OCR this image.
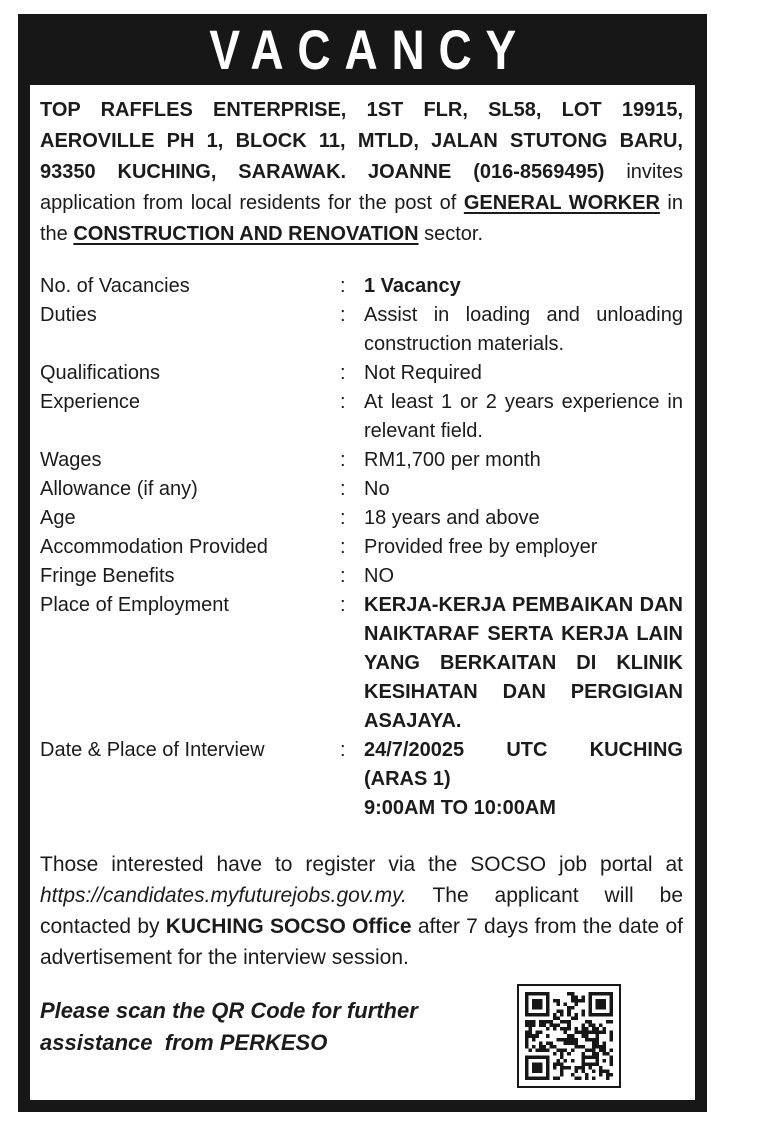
VACANCY

TOP RAFFLES ENTERPRISE, 1ST FLR, SL58, LOT 19915, AEROVILLE PH 1, BLOCK 11, MTLD, JALAN STUTONG BARU, 93350 KUCHING, SARAWAK. JOANNE (016-8569495) invites application from local residents for the post of GENERAL WORKER in the CONSTRUCTION AND RENOVATION sector.

No. of Vacancies	: 1 Vacancy
Duties	: Assist in loading and unloading construction materials.
Qualifications	: Not Required
Experience	: At least 1 or 2 years experience in relevant field.
Wages	: RM1,700 per month
Allowance (if any)	: No
Age	: 18 years and above
Accommodation Provided	: Provided free by employer
Fringe Benefits	: NO
Place of Employment	: KERJA-KERJA PEMBAIKAN DAN NAIKTARAF SERTA KERJA LAIN YANG BERKAITAN DI KLINIK KESIHATAN DAN PERGIGIAN ASAJAYA.
Date & Place of Interview	: 24/7/20025 UTC KUCHING
(ARAS 1)
9:00AM TO 10:00AM

Those interested have to register via the SOCSO job portal at https://candidates.myfuturejobs.gov.my. The applicant will be contacted by KUCHING SOCSO Office after 7 days from the date of advertisement for the interview session.

Please scan the QR Code for further
assistance  from PERKESO
